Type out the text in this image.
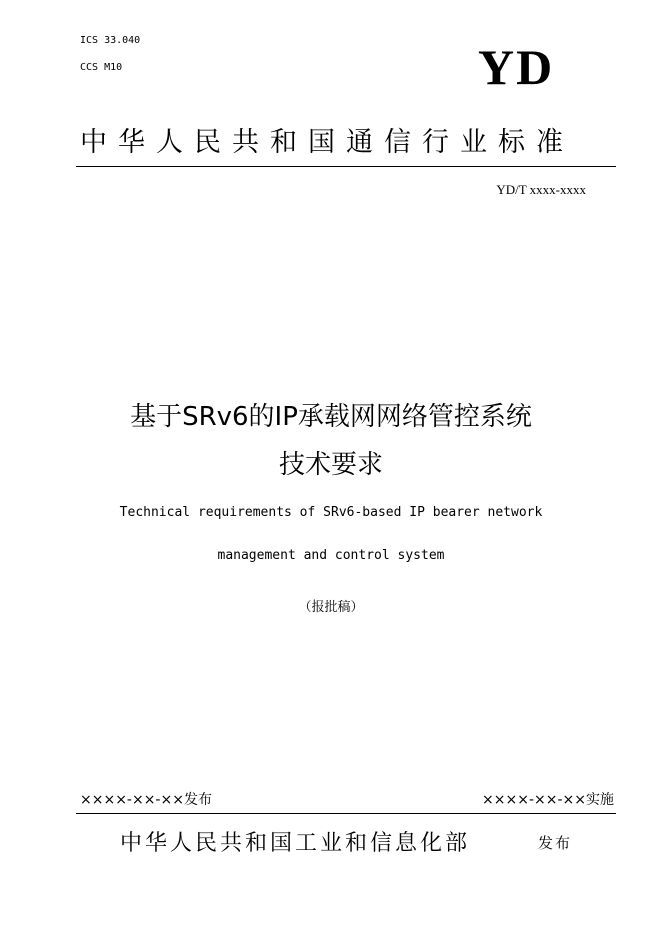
ICS 33.040
CCS M10	YD
中华人民共和国通信行业标准
YD/T xxxx-xxxx
基于SRv6的IP承载网网络管控系统
技术要求
Technical requirements of SRv6-based IP bearer network
management and control system
（报批稿）
××××-××-××发布	××××-××-××实施
中华人民共和国工业和信息化部	发布
